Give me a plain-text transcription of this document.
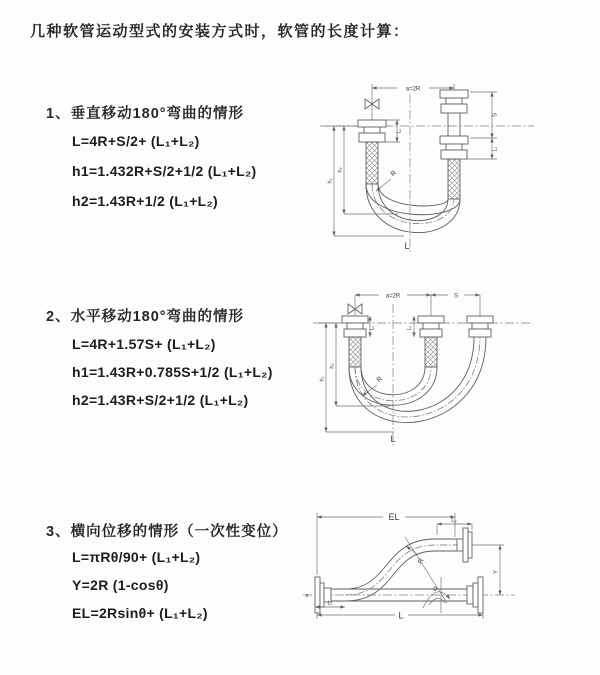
几种软管运动型式的安装方式时，软管的长度计算：
1、垂直移动180°弯曲的情形
L=4R+S/2+ (L₁+L₂)
h1=1.432R+S/2+1/2 (L₁+L₂)
h2=1.43R+1/2 (L₁+L₂)
2、水平移动180°弯曲的情形
L=4R+1.57S+ (L₁+L₂)
h1=1.43R+0.785S+1/2 (L₁+L₂)
h2=1.43R+S/2+1/2 (L₁+L₂)
3、横向位移的情形（一次性变位）
L=πRθ/90+ (L₁+L₂)
Y=2R (1-cosθ)
EL=2Rsinθ+ (L₁+L₂)
a=2R
S
L₂
h₁
h₂
L₁
R
L
a=2R	S
h₁
h₂
L₁	L₂
R
L
z
EL	L₂
Y
L
L₁
R
θ
